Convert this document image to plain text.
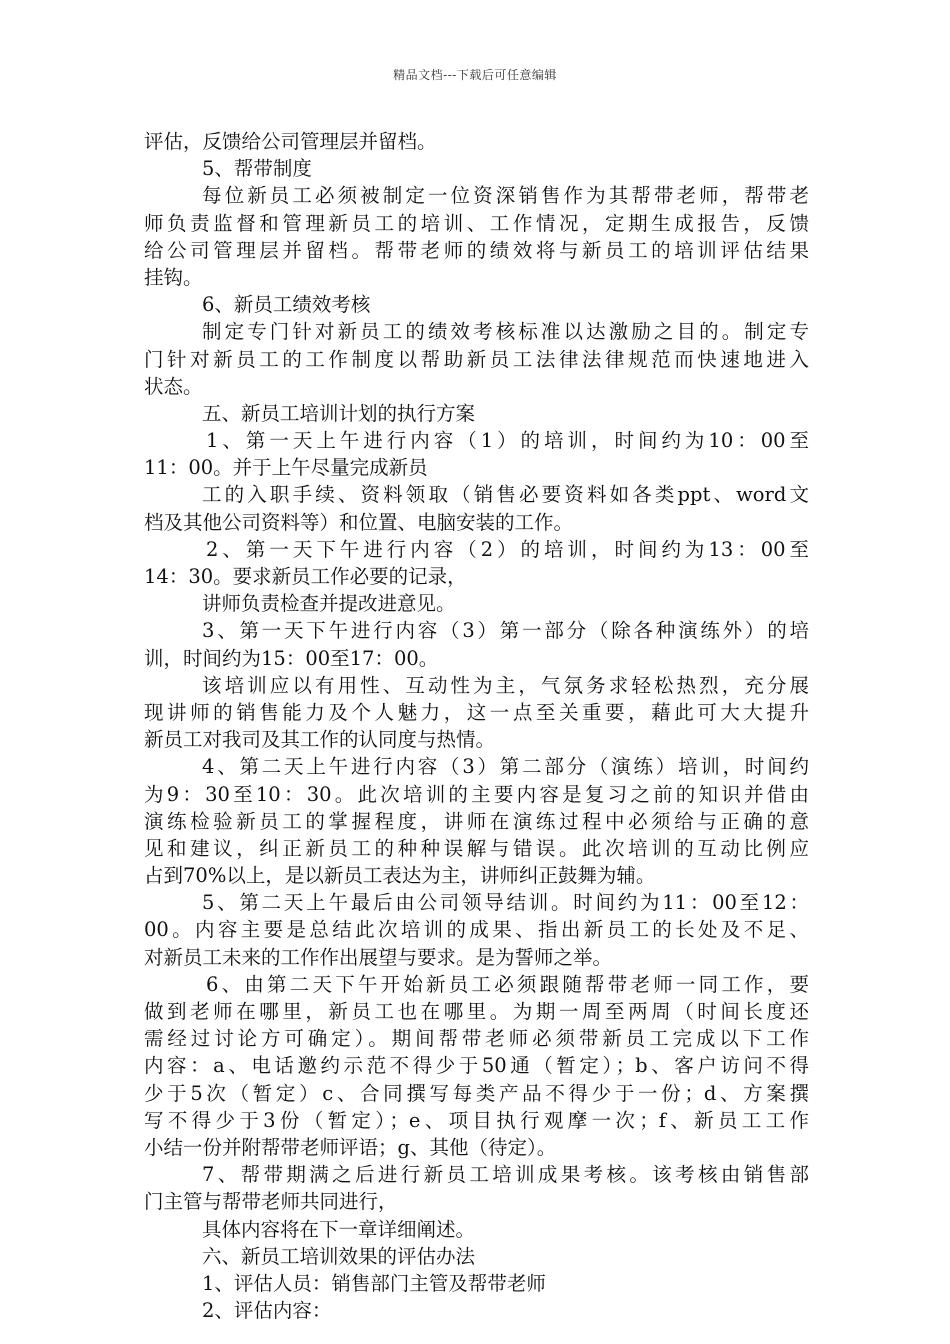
精品文档---下载后可任意编辑
评估，反馈给公司管理层并留档。
5、帮带制度
每位新员工必须被制定一位资深销售作为其帮带老师，帮带老
师负责监督和管理新员工的培训、工作情况，定期生成报告，反馈
给公司管理层并留档。帮带老师的绩效将与新员工的培训评估结果
挂钩。
6、新员工绩效考核
制定专门针对新员工的绩效考核标准以达激励之目的。制定专
门针对新员工的工作制度以帮助新员工法律法律规范而快速地进入
状态。
五、新员工培训计划的执行方案
1、第一天上午进行内容（1）的培训，时间约为10：00至
11：00。并于上午尽量完成新员
工的入职手续、资料领取（销售必要资料如各类ppt、word文
档及其他公司资料等）和位置、电脑安装的工作。
2、第一天下午进行内容（2）的培训，时间约为13：00至
14：30。要求新员工作必要的记录，
讲师负责检查并提改进意见。
3、第一天下午进行内容（3）第一部分（除各种演练外）的培
训，时间约为15：00至17：00。
该培训应以有用性、互动性为主，气氛务求轻松热烈，充分展
现讲师的销售能力及个人魅力，这一点至关重要，藉此可大大提升
新员工对我司及其工作的认同度与热情。
4、第二天上午进行内容（3）第二部分（演练）培训，时间约
为9：30至10：30。此次培训的主要内容是复习之前的知识并借由
演练检验新员工的掌握程度，讲师在演练过程中必须给与正确的意
见和建议，纠正新员工的种种误解与错误。此次培训的互动比例应
占到70%以上，是以新员工表达为主，讲师纠正鼓舞为辅。
5、第二天上午最后由公司领导结训。时间约为11：00至12：
00。内容主要是总结此次培训的成果、指出新员工的长处及不足、
对新员工未来的工作作出展望与要求。是为誓师之举。
6、由第二天下午开始新员工必须跟随帮带老师一同工作，要
做到老师在哪里，新员工也在哪里。为期一周至两周（时间长度还
需经过讨论方可确定）。期间帮带老师必须带新员工完成以下工作
内容：a、电话邀约示范不得少于50通（暂定）；b、客户访问不得
少于5次（暂定）c、合同撰写每类产品不得少于一份；d、方案撰
写不得少于3份（暂定）；e、项目执行观摩一次；f、新员工工作
小结一份并附帮带老师评语；g、其他（待定）。
7、帮带期满之后进行新员工培训成果考核。该考核由销售部
门主管与帮带老师共同进行，
具体内容将在下一章详细阐述。
六、新员工培训效果的评估办法
1、评估人员：销售部门主管及帮带老师
2、评估内容：
